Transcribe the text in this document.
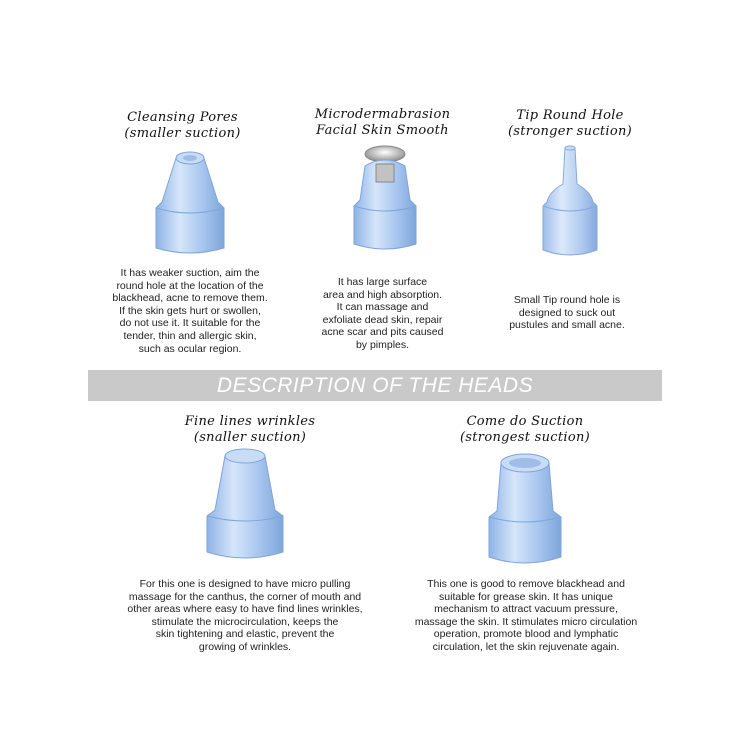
Cleansing Pores
(smaller suction)
It has weaker suction, aim the
round hole at the location of the
blackhead, acne to remove them.
If the skin gets hurt or swollen,
do not use it. It suitable for the
tender, thin and allergic skin,
such as ocular region.
Microdermabrasion
Facial Skin Smooth
It has large surface
area and high absorption.
It can massage and
exfoliate dead skin, repair
acne scar and pits caused
by pimples.
Tip Round Hole
(stronger suction)
Small Tip round hole is
designed to suck out
pustules and small acne.
DESCRIPTION OF THE HEADS
Fine lines wrinkles
(snaller suction)
For this one is designed to have micro pulling
massage for the canthus, the corner of mouth and
other areas where easy to have find lines wrinkles,
stimulate the microcirculation, keeps the
skin tightening and elastic, prevent the
growing of wrinkles.
Come do Suction
(strongest suction)
This one is good to remove blackhead and
suitable for grease skin. It has unique
mechanism to attract vacuum pressure,
massage the skin. It stimulates micro circulation
operation, promote blood and lymphatic
circulation, let the skin rejuvenate again.
